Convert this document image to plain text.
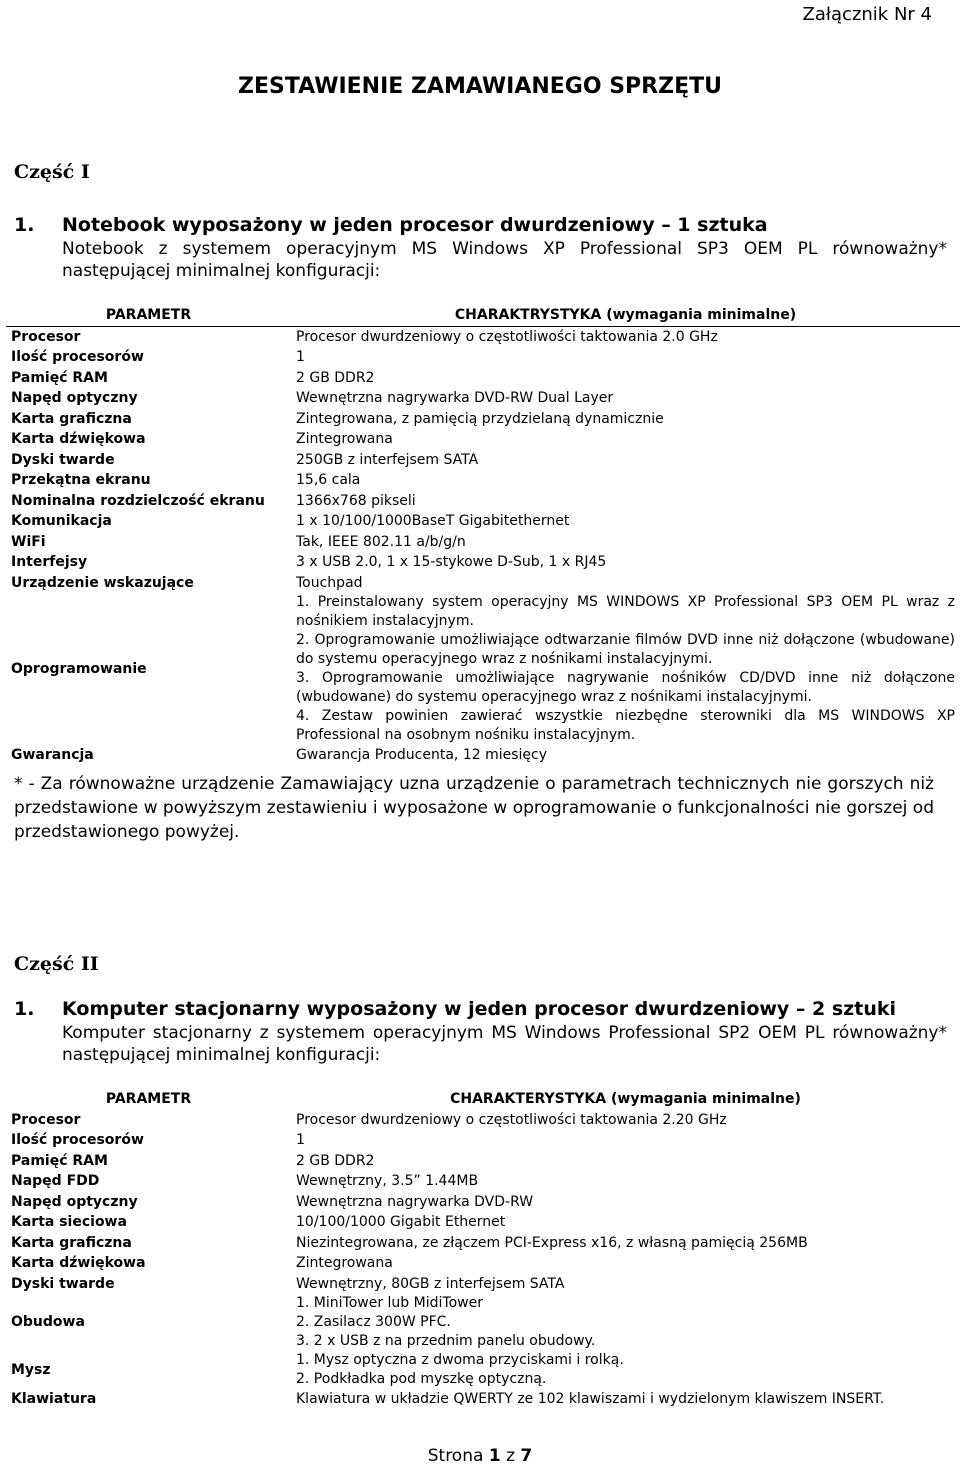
Załącznik Nr 4
ZESTAWIENIE ZAMAWIANEGO SPRZĘTU
Część I
1. Notebook wyposażony w jeden procesor dwurdzeniowy – 1 sztuka
Notebook z systemem operacyjnym MS Windows XP Professional SP3 OEM PL równoważny* następującej minimalnej konfiguracji:
PARAMETR	CHARAKTRYSTYKA (wymagania minimalne)
Procesor	Procesor dwurdzeniowy o częstotliwości taktowania 2.0 GHz
Ilość procesorów	1
Pamięć RAM	2 GB DDR2
Napęd optyczny	Wewnętrzna nagrywarka DVD-RW Dual Layer
Karta graficzna	Zintegrowana, z pamięcią przydzielaną dynamicznie
Karta dźwiękowa	Zintegrowana
Dyski twarde	250GB z interfejsem SATA
Przekątna ekranu	15,6 cala
Nominalna rozdzielczość ekranu	1366x768 pikseli
Komunikacja	1 x 10/100/1000BaseT Gigabitethernet
WiFi	Tak, IEEE 802.11 a/b/g/n
Interfejsy	3 x USB 2.0, 1 x 15-stykowe D-Sub, 1 x RJ45
Urządzenie wskazujące	Touchpad
Oprogramowanie	1. Preinstalowany system operacyjny MS WINDOWS XP Professional SP3 OEM PL wraz z nośnikiem instalacyjnym.
2. Oprogramowanie umożliwiające odtwarzanie filmów DVD inne niż dołączone (wbudowane) do systemu operacyjnego wraz z nośnikami instalacyjnymi.
3. Oprogramowanie umożliwiające nagrywanie nośników CD/DVD inne niż dołączone (wbudowane) do systemu operacyjnego wraz z nośnikami instalacyjnymi.
4. Zestaw powinien zawierać wszystkie niezbędne sterowniki dla MS WINDOWS XP Professional na osobnym nośniku instalacyjnym.

Gwarancja	Gwarancja Producenta, 12 miesięcy
* - Za równoważne urządzenie Zamawiający uzna urządzenie o parametrach technicznych nie gorszych niż przedstawione w powyższym zestawieniu i wyposażone w oprogramowanie o funkcjonalności nie gorszej od przedstawionego powyżej.
Część II
1. Komputer stacjonarny wyposażony w jeden procesor dwurdzeniowy – 2 sztuki
Komputer stacjonarny z systemem operacyjnym MS Windows Professional SP2 OEM PL równoważny* następującej minimalnej konfiguracji:
PARAMETR	CHARAKTERYSTYKA (wymagania minimalne)
Procesor	Procesor dwurdzeniowy o częstotliwości taktowania 2.20 GHz
Ilość procesorów	1
Pamięć RAM	2 GB DDR2
Napęd FDD	Wewnętrzny, 3.5” 1.44MB
Napęd optyczny	Wewnętrzna nagrywarka DVD-RW
Karta sieciowa	10/100/1000 Gigabit Ethernet
Karta graficzna	Niezintegrowana, ze złączem PCI-Express x16, z własną pamięcią 256MB
Karta dźwiękowa	Zintegrowana
Dyski twarde	Wewnętrzny, 80GB z interfejsem SATA
Obudowa	1. MiniTower lub MidiTower
2. Zasilacz 300W PFC.
3. 2 x USB z na przednim panelu obudowy.

Mysz	1. Mysz optyczna z dwoma przyciskami i rolką.
2. Podkładka pod myszkę optyczną.

Klawiatura	Klawiatura w układzie QWERTY ze 102 klawiszami i wydzielonym klawiszem INSERT.
Strona 1 z 7
